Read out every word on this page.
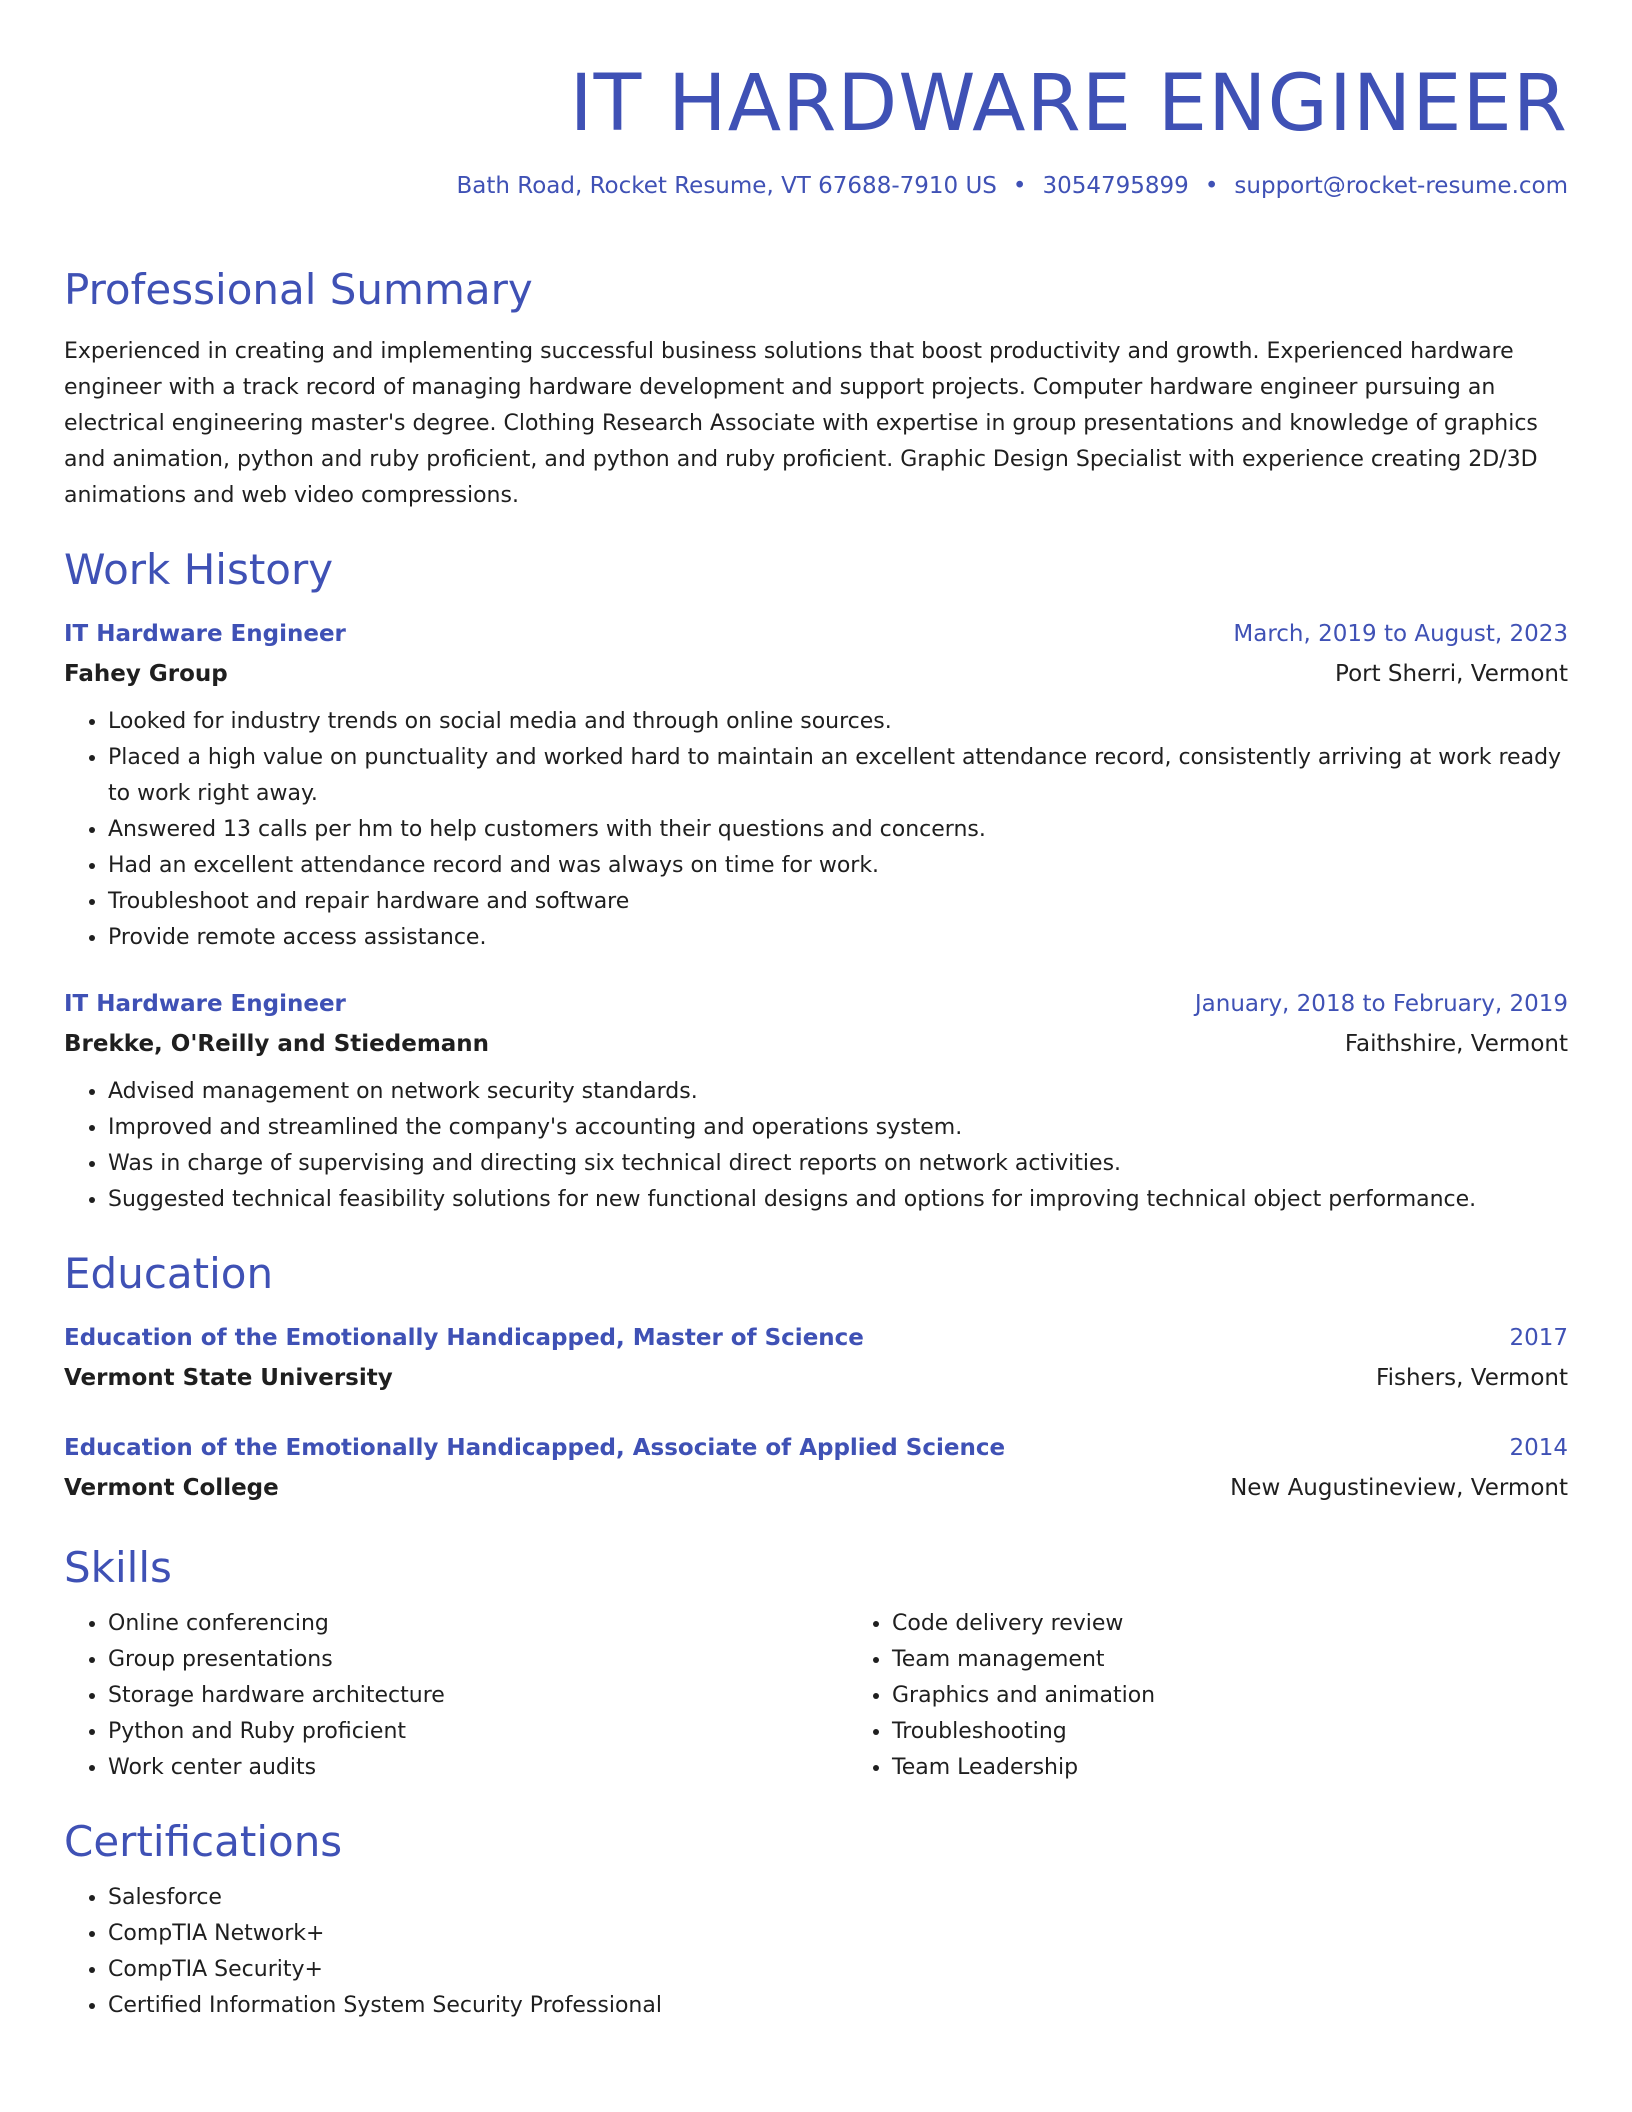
IT HARDWARE ENGINEER
Bath Road, Rocket Resume, VT 67688-7910 US • 3054795899 • support@rocket-resume.com
Professional Summary
Experienced in creating and implementing successful business solutions that boost productivity and growth. Experienced hardware engineer with a track record of managing hardware development and support projects. Computer hardware engineer pursuing an electrical engineering master's degree. Clothing Research Associate with expertise in group presentations and knowledge of graphics and animation, python and ruby proficient, and python and ruby proficient. Graphic Design Specialist with experience creating 2D/3D animations and web video compressions.
Work History
IT Hardware Engineer	March, 2019 to August, 2023
Fahey Group	Port Sherri, Vermont
• Looked for industry trends on social media and through online sources.
• Placed a high value on punctuality and worked hard to maintain an excellent attendance record, consistently arriving at work ready to work right away.
• Answered 13 calls per hm to help customers with their questions and concerns.
• Had an excellent attendance record and was always on time for work.
• Troubleshoot and repair hardware and software
• Provide remote access assistance.
IT Hardware Engineer	January, 2018 to February, 2019
Brekke, O'Reilly and Stiedemann	Faithshire, Vermont
• Advised management on network security standards.
• Improved and streamlined the company's accounting and operations system.
• Was in charge of supervising and directing six technical direct reports on network activities.
• Suggested technical feasibility solutions for new functional designs and options for improving technical object performance.
Education
Education of the Emotionally Handicapped, Master of Science	2017
Vermont State University	Fishers, Vermont
Education of the Emotionally Handicapped, Associate of Applied Science	2014
Vermont College	New Augustineview, Vermont
Skills
• Online conferencing
• Group presentations
• Storage hardware architecture
• Python and Ruby proficient
• Work center audits
• Code delivery review
• Team management
• Graphics and animation
• Troubleshooting
• Team Leadership
Certifications
• Salesforce
• CompTIA Network+
• CompTIA Security+
• Certified Information System Security Professional
